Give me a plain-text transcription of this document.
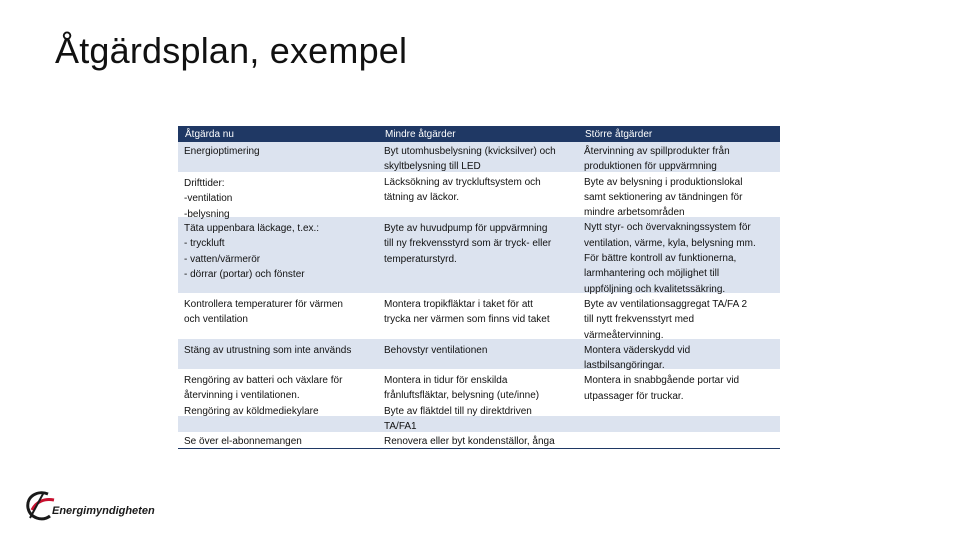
Åtgärdsplan, exempel
Åtgärda nu	Mindre åtgärder	Större åtgärder
Energioptimering
Drifttider:
-ventilation
-belysning
Täta uppenbara läckage, t.ex.:
- tryckluft
- vatten/värmerör
- dörrar (portar) och fönster
Kontrollera temperaturer för värmen
och ventilation
Stäng av utrustning som inte används
Rengöring av batteri och växlare för
återvinning i ventilationen.
Rengöring av köldmediekylare
Se över el-abonnemangen
Byt utomhusbelysning (kvicksilver) och
skyltbelysning till LED
Läcksökning av tryckluftsystem och
tätning av läckor.
Byte av huvudpump för uppvärmning
till ny frekvensstyrd som är tryck- eller
temperaturstyrd.
Montera tropikfläktar i taket för att
trycka ner värmen som finns vid taket
Behovstyr ventilationen
Montera in tidur för enskilda
frånluftsfläktar, belysning (ute/inne)
Byte av fläktdel till ny direktdriven
TA/FA1
Renovera eller byt kondenställor, ånga
Återvinning av spillprodukter från
produktionen för uppvärmning
Byte av belysning i produktionslokal
samt sektionering av tändningen för
mindre arbetsområden
Nytt styr- och övervakningssystem för
ventilation, värme, kyla, belysning mm.
För bättre kontroll av funktionerna,
larmhantering och möjlighet till
uppföljning och kvalitetssäkring.
Byte av ventilationsaggregat TA/FA 2
till nytt frekvensstyrt med
värmeåtervinning.
Montera väderskydd vid
lastbilsangöringar.
Montera in snabbgående portar vid
utpassager för truckar.
Energimyndigheten
